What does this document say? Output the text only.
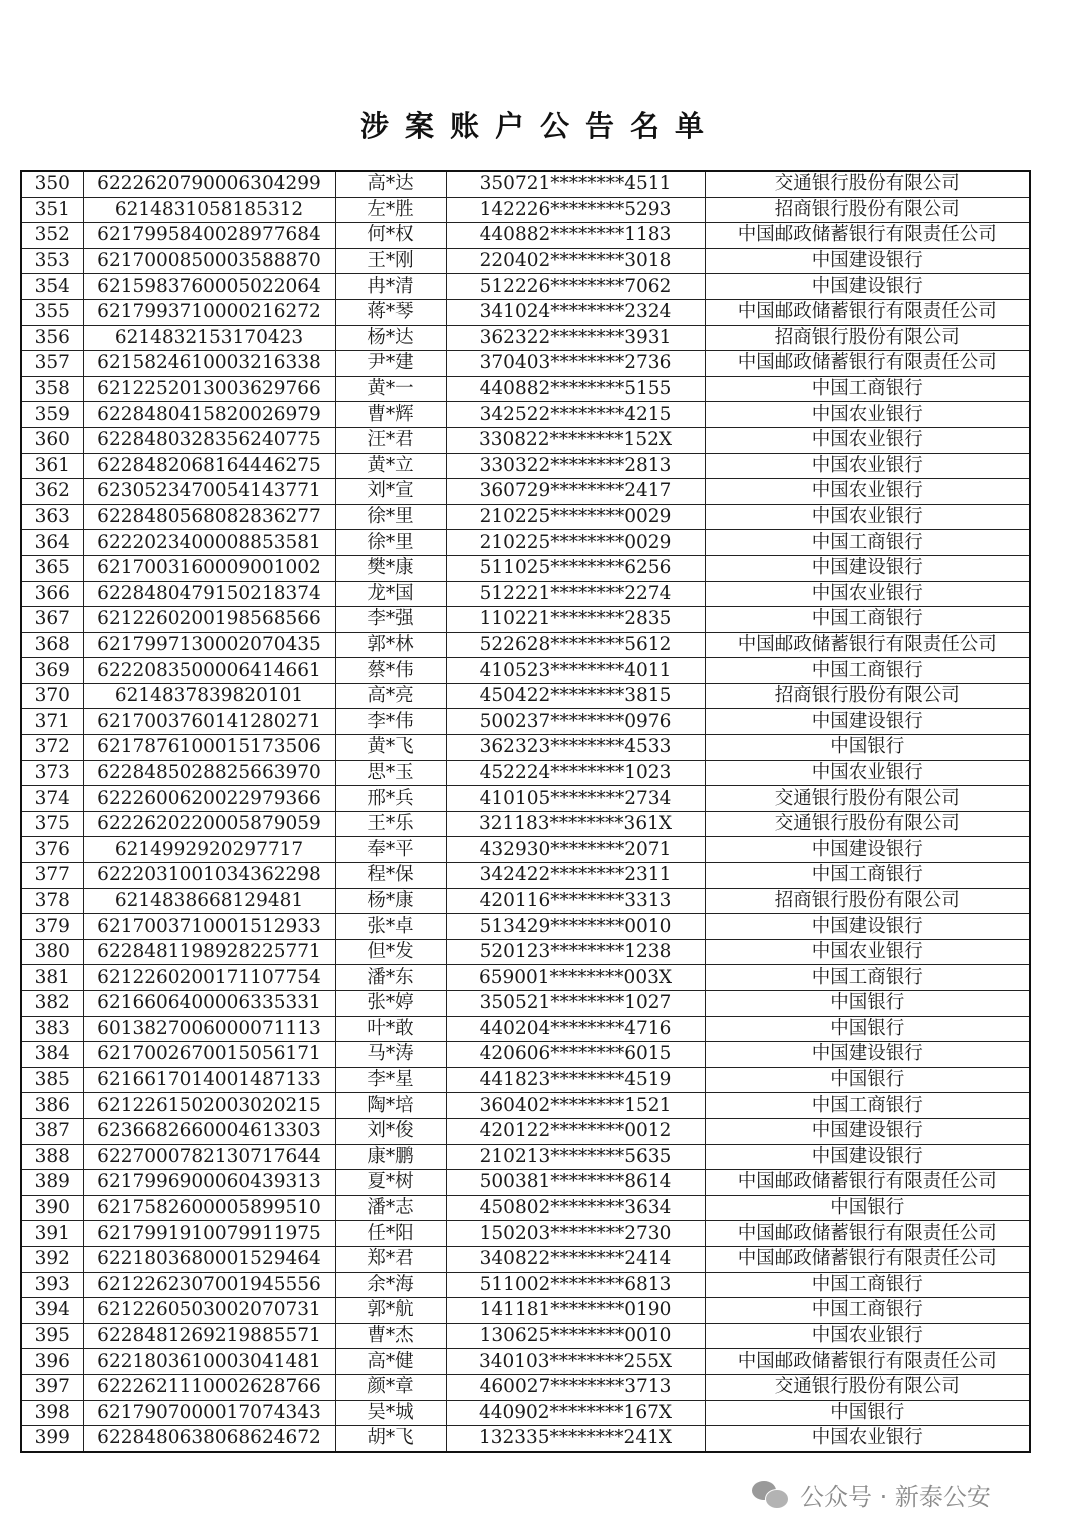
涉案账户公告名单
350	6222620790006304299	高*达	350721********4511	交通银行股份有限公司
351	6214831058185312	左*胜	142226********5293	招商银行股份有限公司
352	6217995840028977684	何*权	440882********1183	中国邮政储蓄银行有限责任公司
353	6217000850003588870	王*刚	220402********3018	中国建设银行
354	6215983760005022064	冉*清	512226********7062	中国建设银行
355	6217993710000216272	蒋*琴	341024********2324	中国邮政储蓄银行有限责任公司
356	6214832153170423	杨*达	362322********3931	招商银行股份有限公司
357	6215824610003216338	尹*建	370403********2736	中国邮政储蓄银行有限责任公司
358	6212252013003629766	黄*一	440882********5155	中国工商银行
359	6228480415820026979	曹*辉	342522********4215	中国农业银行
360	6228480328356240775	汪*君	330822********152X	中国农业银行
361	6228482068164446275	黄*立	330322********2813	中国农业银行
362	6230523470054143771	刘*宣	360729********2417	中国农业银行
363	6228480568082836277	徐*里	210225********0029	中国农业银行
364	6222023400008853581	徐*里	210225********0029	中国工商银行
365	6217003160009001002	樊*康	511025********6256	中国建设银行
366	6228480479150218374	龙*国	512221********2274	中国农业银行
367	6212260200198568566	李*强	110221********2835	中国工商银行
368	6217997130002070435	郭*林	522628********5612	中国邮政储蓄银行有限责任公司
369	6222083500006414661	蔡*伟	410523********4011	中国工商银行
370	6214837839820101	高*亮	450422********3815	招商银行股份有限公司
371	6217003760141280271	李*伟	500237********0976	中国建设银行
372	6217876100015173506	黄*飞	362323********4533	中国银行
373	6228485028825663970	思*玉	452224********1023	中国农业银行
374	6222600620022979366	邢*兵	410105********2734	交通银行股份有限公司
375	6222620220005879059	王*乐	321183********361X	交通银行股份有限公司
376	6214992920297717	奉*平	432930********2071	中国建设银行
377	6222031001034362298	程*保	342422********2311	中国工商银行
378	6214838668129481	杨*康	420116********3313	招商银行股份有限公司
379	6217003710001512933	张*卓	513429********0010	中国建设银行
380	6228481198928225771	但*发	520123********1238	中国农业银行
381	6212260200171107754	潘*东	659001********003X	中国工商银行
382	6216606400006335331	张*婷	350521********1027	中国银行
383	6013827006000071113	叶*敢	440204********4716	中国银行
384	6217002670015056171	马*涛	420606********6015	中国建设银行
385	6216617014001487133	李*星	441823********4519	中国银行
386	6212261502003020215	陶*培	360402********1521	中国工商银行
387	6236682660004613303	刘*俊	420122********0012	中国建设银行
388	6227000782130717644	康*鹏	210213********5635	中国建设银行
389	6217996900060439313	夏*树	500381********8614	中国邮政储蓄银行有限责任公司
390	6217582600005899510	潘*志	450802********3634	中国银行
391	6217991910079911975	任*阳	150203********2730	中国邮政储蓄银行有限责任公司
392	6221803680001529464	郑*君	340822********2414	中国邮政储蓄银行有限责任公司
393	6212262307001945556	余*海	511002********6813	中国工商银行
394	6212260503002070731	郭*航	141181********0190	中国工商银行
395	6228481269219885571	曹*杰	130625********0010	中国农业银行
396	6221803610003041481	高*健	340103********255X	中国邮政储蓄银行有限责任公司
397	6222621110002628766	颜*章	460027********3713	交通银行股份有限公司
398	6217907000017074343	吴*城	440902********167X	中国银行
399	6228480638068624672	胡*飞	132335********241X	中国农业银行
公众号 · 新泰公安
